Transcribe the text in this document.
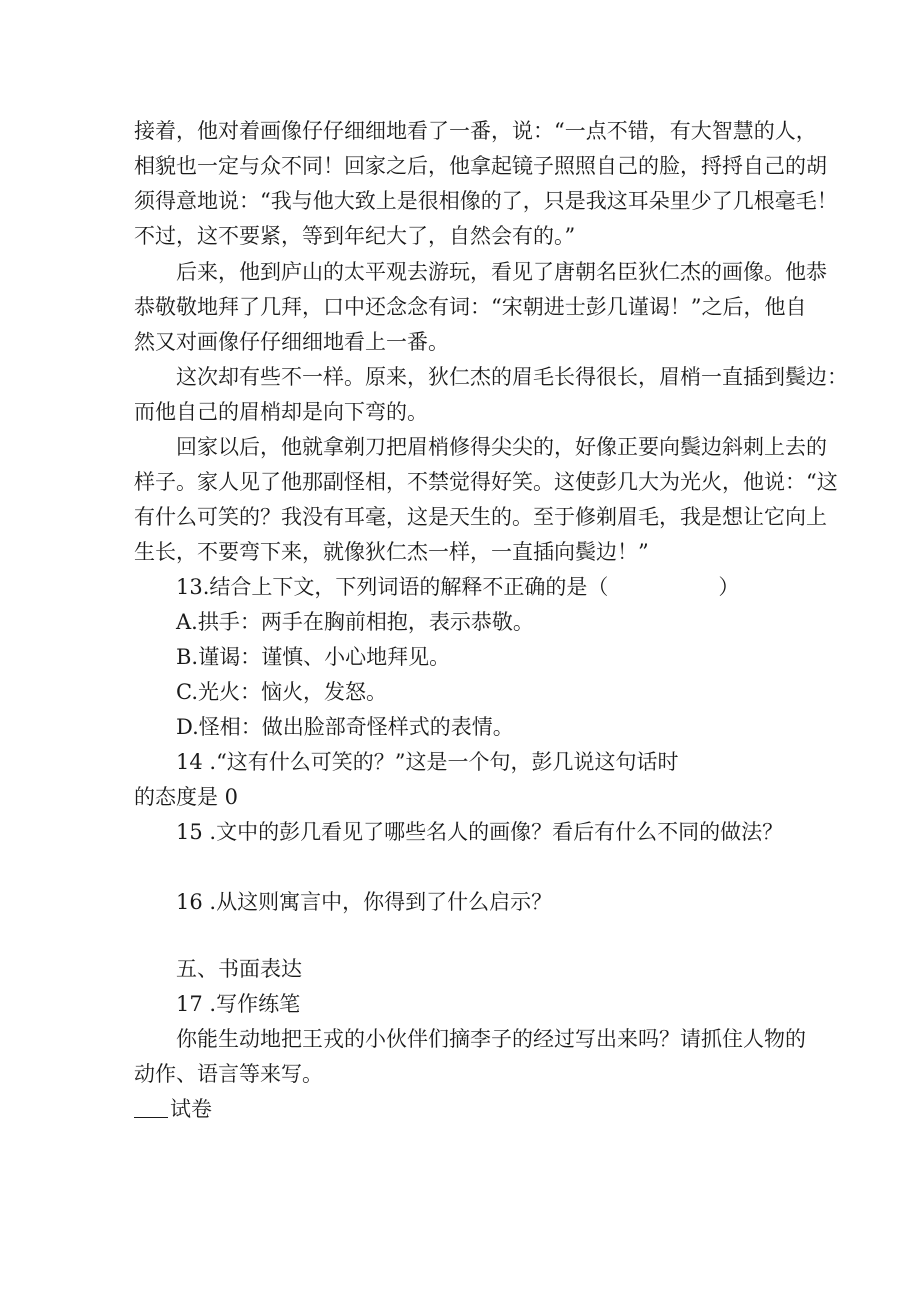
接着，他对着画像仔仔细细地看了一番，说：“一点不错，有大智慧的人，
相貌也一定与众不同！回家之后，他拿起镜子照照自己的脸，捋捋自己的胡
须得意地说：“我与他大致上是很相像的了，只是我这耳朵里少了几根毫毛！
不过，这不要紧，等到年纪大了，自然会有的。”
后来，他到庐山的太平观去游玩，看见了唐朝名臣狄仁杰的画像。他恭
恭敬敬地拜了几拜，口中还念念有词：“宋朝进士彭几谨谒！”之后，他自
然又对画像仔仔细细地看上一番。
这次却有些不一样。原来，狄仁杰的眉毛长得很长，眉梢一直插到鬓边：
而他自己的眉梢却是向下弯的。
回家以后，他就拿剃刀把眉梢修得尖尖的，好像正要向鬓边斜刺上去的
样子。家人见了他那副怪相，不禁觉得好笑。这使彭几大为光火，他说：“这
有什么可笑的？我没有耳毫，这是天生的。至于修剃眉毛，我是想让它向上
生长，不要弯下来，就像狄仁杰一样，一直插向鬓边！”
13.结合上下文，下列词语的解释不正确的是（	）
A.拱手：两手在胸前相抱，表示恭敬。
B.谨谒：谨慎、小心地拜见。
C.光火：恼火，发怒。
D.怪相：做出脸部奇怪样式的表情。
14 .“这有什么可笑的？”这是一个句，彭几说这句话时
的态度是 0
15 .文中的彭几看见了哪些名人的画像？看后有什么不同的做法？
16 .从这则寓言中，你得到了什么启示？
五、书面表达
17 .写作练笔
你能生动地把王戎的小伙伴们摘李子的经过写出来吗？请抓住人物的
动作、语言等来写。
试卷
